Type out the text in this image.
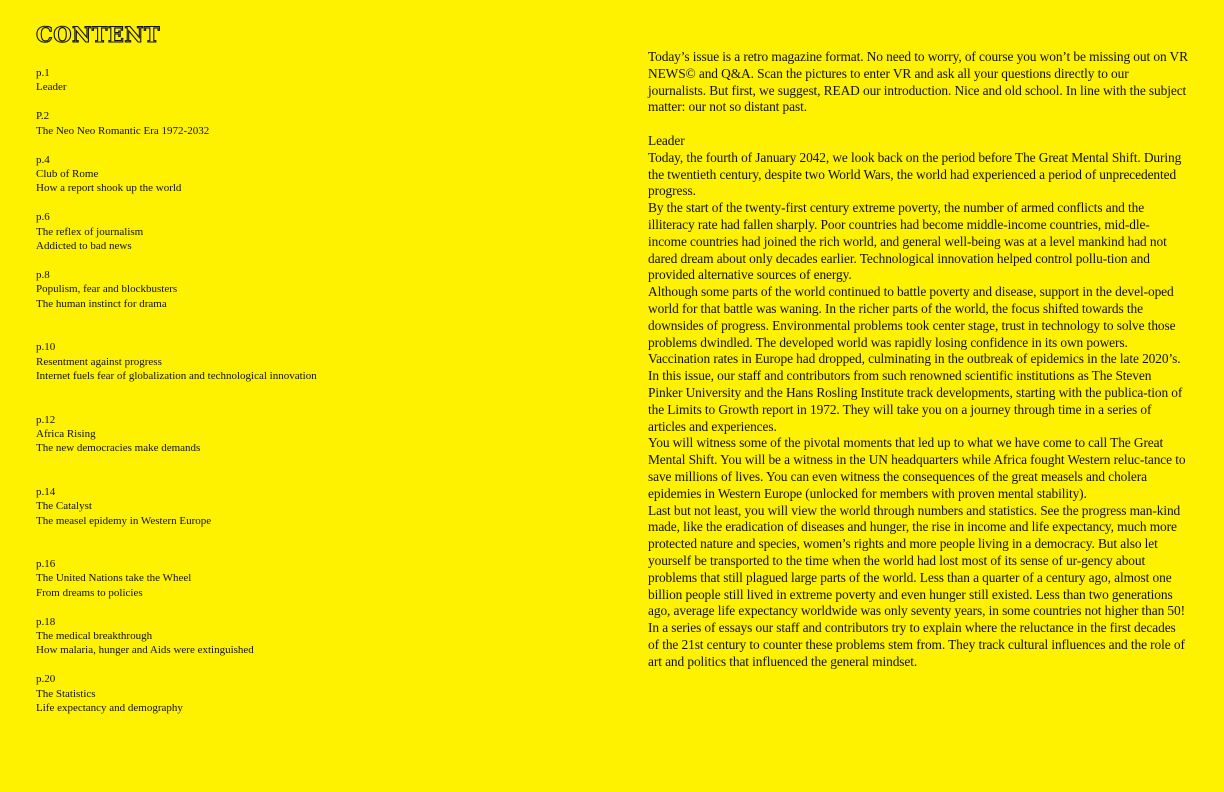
CONTENT
p.1
Leader
P.2
The Neo Neo Romantic Era 1972-2032
p.4
Club of Rome
How a report shook up the world
p.6
The reflex of journalism
Addicted to bad news
p.8
Populism, fear and blockbusters
The human instinct for drama
p.10
Resentment against progress
Internet fuels fear of globalization and technological innovation
p.12
Africa Rising
The new democracies make demands
p.14
The Catalyst
The measel epidemy in Western Europe
p.16
The United Nations take the Wheel
From dreams to policies
p.18
The medical breakthrough
How malaria, hunger and Aids were extinguished
p.20
The Statistics
Life expectancy and demography

Today’s issue is a retro magazine format. No need to worry, of course you won’t be missing out on VR NEWS© and Q&A. Scan the pictures to enter VR and ask all your questions directly to our journalists. But first, we suggest, READ our introduction. Nice and old school. In line with the subject matter: our not so distant past.

Leader

Today, the fourth of January 2042, we look back on the period before The Great Mental Shift. During the twentieth century, despite two World Wars, the world had experienced a period of unprecedented progress.

By the start of the twenty-first century extreme poverty, the number of armed conflicts and the illiteracy rate had fallen sharply. Poor countries had become middle-income countries, mid-dle-income countries had joined the rich world, and general well-being was at a level mankind had not dared dream about only decades earlier. Technological innovation helped control pollu-tion and provided alternative sources of energy.

Although some parts of the world continued to battle poverty and disease, support in the devel-oped world for that battle was waning. In the richer parts of the world, the focus shifted towards the downsides of progress. Environmental problems took center stage, trust in technology to solve those problems dwindled. The developed world was rapidly losing confidence in its own powers. Vaccination rates in Europe had dropped, culminating in the outbreak of epidemics in the late 2020’s.

In this issue, our staff and contributors from such renowned scientific institutions as The Steven Pinker University and the Hans Rosling Institute track developments, starting with the publica-tion of the Limits to Growth report in 1972. They will take you on a journey through time in a series of articles and experiences.

You will witness some of the pivotal moments that led up to what we have come to call The Great Mental Shift. You will be a witness in the UN headquarters while Africa fought Western reluc-tance to save millions of lives. You can even witness the consequences of the great measels and cholera epidemies in Western Europe (unlocked for members with proven mental stability).

Last but not least, you will view the world through numbers and statistics. See the progress man-kind made, like the eradication of diseases and hunger, the rise in income and life expectancy, much more protected nature and species, women’s rights and more people living in a democracy. But also let yourself be transported to the time when the world had lost most of its sense of ur-gency about problems that still plagued large parts of the world. Less than a quarter of a century ago, almost one billion people still lived in extreme poverty and even hunger still existed. Less than two generations ago, average life expectancy worldwide was only seventy years, in some countries not higher than 50!

In a series of essays our staff and contributors try to explain where the reluctance in the first decades of the 21st century to counter these problems stem from. They track cultural influences and the role of art and politics that influenced the general mindset.
